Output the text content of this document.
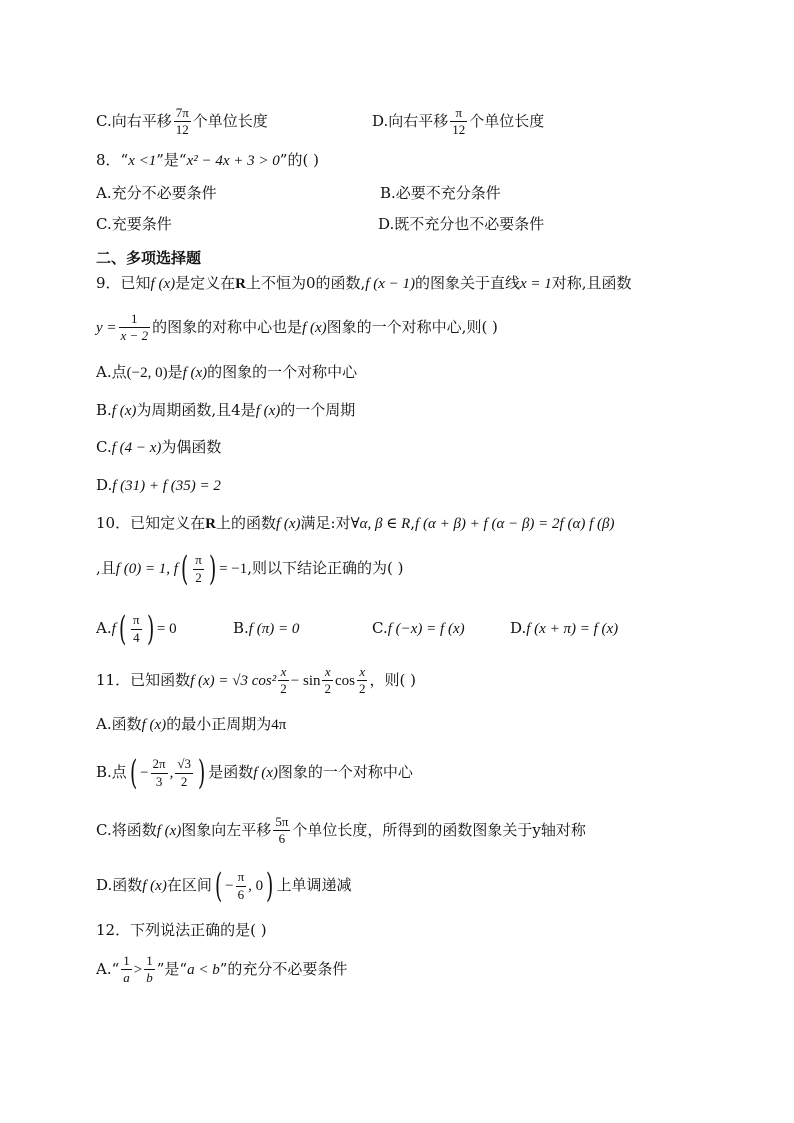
C.向右平移 $\frac{7\pi}{12}$ 个单位长度	D.向右平移 $\frac{\pi}{12}$ 个单位长度
8．“x <1”是“x² − 4x + 3 > 0”的( )
A.充分不必要条件	B.必要不充分条件
C.充要条件	D.既不充分也不必要条件
二、多项选择题
9．已知f (x)是定义在R上不恒为0的函数,f (x − 1)的图象关于直线x = 1对称,且函数
$y = \frac{1}{x - 2}$ 的图象的对称中心也是f (x)图象的一个对称中心,则( )
A.点(−2, 0)是f (x)的图象的一个对称中心
B.f (x)为周期函数,且4是f (x)的一个周期
C.f (4 − x)为偶函数
D.f (31) + f (35) = 2
10．已知定义在R上的函数f (x)满足:对∀α, β ∈ R,f (α + β) + f (α − β) = 2f (α) f (β)
,且f (0) = 1, $f( \frac{\pi}{2}$ ) = −1,则以下结论正确的为( )
$A.f( \frac{\pi}{4}$ ) = 0	B.f (π) = 0	C.f (−x) = f (x)	D.f (x + π) = f (x)
11．已知函数f (x) = √3 $\cos^2 \frac{x}{2} - \sin \frac{x}{2}$ $\cos \frac{x}{2}$ ，则( )
A.函数f (x)的最小正周期为4π
B.点( − $\frac{2\pi}{3}$ , $\frac{√3}{2}$ ) 是函数f (x)图象的一个对称中心
C.将函数f (x)图象向左平移 $\frac{5\pi}{6}$ 个单位长度，所得到的函数图象关于y轴对称
D.函数f (x)在区间( − $\frac{\pi}{6}$ , 0) 上单调递减
12．下列说法正确的是( )
A.“ $\frac{1}{a} > \frac{1}{b}$ ”是“a < b”的充分不必要条件
